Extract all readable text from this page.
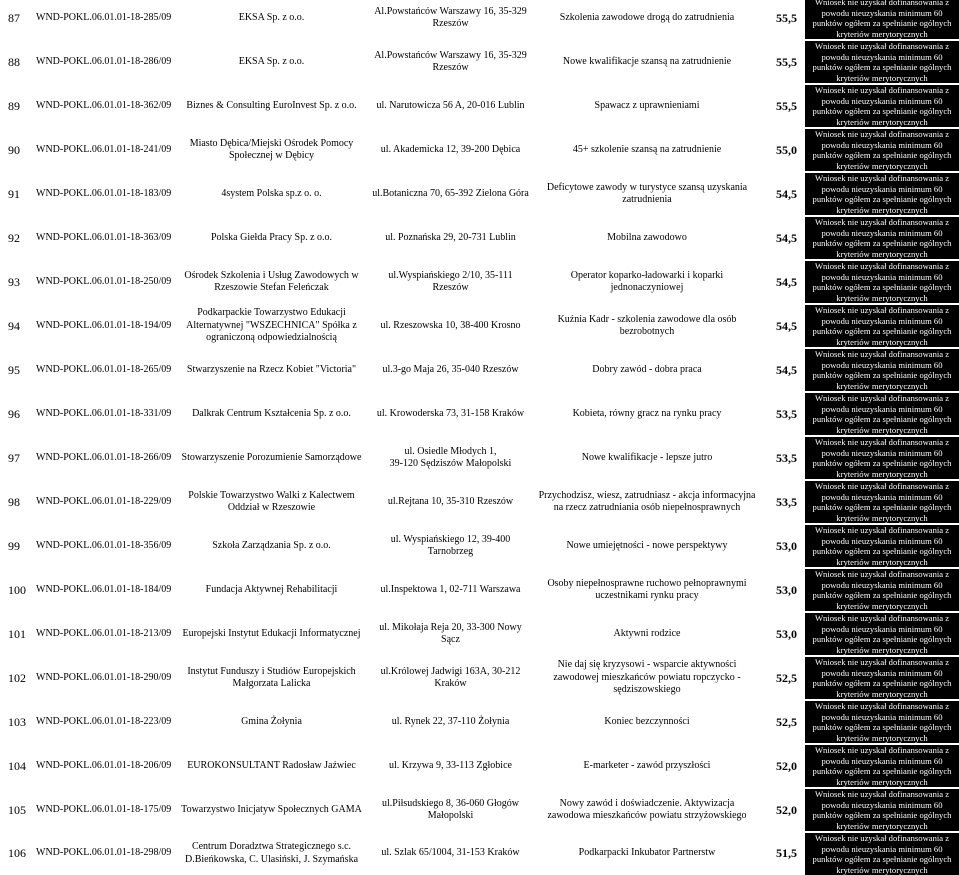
87	WND-POKL.06.01.01-18-285/09	EKSA Sp. z o.o.	Al.Powstańców Warszawy 16, 35-329
Rzeszów	Szkolenia zawodowe drogą do zatrudnienia	55,5	Wniosek nie uzyskał dofinansowania z powodu nieuzyskania minimum 60 punktów ogółem za spełnianie ogólnych kryteriów merytorycznych
88	WND-POKL.06.01.01-18-286/09	EKSA Sp. z o.o.	Al.Powstańców Warszawy 16, 35-329
Rzeszów	Nowe kwalifikacje szansą na zatrudnienie	55,5	Wniosek nie uzyskał dofinansowania z powodu nieuzyskania minimum 60 punktów ogółem za spełnianie ogólnych kryteriów merytorycznych
89	WND-POKL.06.01.01-18-362/09	Biznes & Consulting EuroInvest Sp. z o.o.	ul. Narutowicza 56 A, 20-016 Lublin	Spawacz z uprawnieniami	55,5	Wniosek nie uzyskał dofinansowania z powodu nieuzyskania minimum 60 punktów ogółem za spełnianie ogólnych kryteriów merytorycznych
90	WND-POKL.06.01.01-18-241/09	Miasto Dębica/Miejski Ośrodek Pomocy
Społecznej w Dębicy	ul. Akademicka 12, 39-200 Dębica	45+ szkolenie szansą na zatrudnienie	55,0	Wniosek nie uzyskał dofinansowania z powodu nieuzyskania minimum 60 punktów ogółem za spełnianie ogólnych kryteriów merytorycznych
91	WND-POKL.06.01.01-18-183/09	4system Polska sp.z o. o.	ul.Botaniczna 70, 65-392 Zielona Góra	Deficytowe zawody w turystyce szansą uzyskania
zatrudnienia	54,5	Wniosek nie uzyskał dofinansowania z powodu nieuzyskania minimum 60 punktów ogółem za spełnianie ogólnych kryteriów merytorycznych
92	WND-POKL.06.01.01-18-363/09	Polska Giełda Pracy Sp. z o.o.	ul. Poznańska 29, 20-731 Lublin	Mobilna zawodowo	54,5	Wniosek nie uzyskał dofinansowania z powodu nieuzyskania minimum 60 punktów ogółem za spełnianie ogólnych kryteriów merytorycznych
93	WND-POKL.06.01.01-18-250/09	Ośrodek Szkolenia i Usług Zawodowych w
Rzeszowie Stefan Feleńczak	ul.Wyspiańskiego 2/10, 35-111 Rzeszów	Operator koparko-ładowarki i koparki
jednonaczyniowej	54,5	Wniosek nie uzyskał dofinansowania z powodu nieuzyskania minimum 60 punktów ogółem za spełnianie ogólnych kryteriów merytorycznych
94	WND-POKL.06.01.01-18-194/09	Podkarpackie Towarzystwo Edukacji
Alternatywnej "WSZECHNICA" Spółka z
ograniczoną odpowiedzialnością	ul. Rzeszowska 10, 38-400 Krosno	Kuźnia Kadr - szkolenia zawodowe dla osób
bezrobotnych	54,5	Wniosek nie uzyskał dofinansowania z powodu nieuzyskania minimum 60 punktów ogółem za spełnianie ogólnych kryteriów merytorycznych
95	WND-POKL.06.01.01-18-265/09	Stwarzyszenie na Rzecz Kobiet "Victoria"	ul.3-go Maja 26, 35-040 Rzeszów	Dobry zawód - dobra praca	54,5	Wniosek nie uzyskał dofinansowania z powodu nieuzyskania minimum 60 punktów ogółem za spełnianie ogólnych kryteriów merytorycznych
96	WND-POKL.06.01.01-18-331/09	Dalkrak Centrum Kształcenia Sp. z o.o.	ul. Krowoderska 73, 31-158 Kraków	Kobieta, równy gracz na rynku pracy	53,5	Wniosek nie uzyskał dofinansowania z powodu nieuzyskania minimum 60 punktów ogółem za spełnianie ogólnych kryteriów merytorycznych
97	WND-POKL.06.01.01-18-266/09	Stowarzyszenie Porozumienie Samorządowe	ul. Osiedle Młodych 1,
39-120 Sędziszów Małopolski	Nowe kwalifikacje - lepsze jutro	53,5	Wniosek nie uzyskał dofinansowania z powodu nieuzyskania minimum 60 punktów ogółem za spełnianie ogólnych kryteriów merytorycznych
98	WND-POKL.06.01.01-18-229/09	Polskie Towarzystwo Walki z Kalectwem
Oddział w Rzeszowie	ul.Rejtana 10, 35-310 Rzeszów	Przychodzisz, wiesz, zatrudniasz - akcja informacyjna
na rzecz zatrudniania osób niepełnosprawnych	53,5	Wniosek nie uzyskał dofinansowania z powodu nieuzyskania minimum 60 punktów ogółem za spełnianie ogólnych kryteriów merytorycznych
99	WND-POKL.06.01.01-18-356/09	Szkoła Zarządzania Sp. z o.o.	ul. Wyspiańskiego 12, 39-400 Tarnobrzeg	Nowe umiejętności - nowe perspektywy	53,0	Wniosek nie uzyskał dofinansowania z powodu nieuzyskania minimum 60 punktów ogółem za spełnianie ogólnych kryteriów merytorycznych
100	WND-POKL.06.01.01-18-184/09	Fundacja Aktywnej Rehabilitacji	ul.Inspektowa 1, 02-711 Warszawa	Osoby niepełnosprawne ruchowo pełnoprawnymi
uczestnikami rynku pracy	53,0	Wniosek nie uzyskał dofinansowania z powodu nieuzyskania minimum 60 punktów ogółem za spełnianie ogólnych kryteriów merytorycznych
101	WND-POKL.06.01.01-18-213/09	Europejski Instytut Edukacji Informatycznej	ul. Mikołaja Reja 20, 33-300 Nowy Sącz	Aktywni rodzice	53,0	Wniosek nie uzyskał dofinansowania z powodu nieuzyskania minimum 60 punktów ogółem za spełnianie ogólnych kryteriów merytorycznych
102	WND-POKL.06.01.01-18-290/09	Instytut Funduszy i Studiów Europejskich
Małgorzata Lalicka	ul.Królowej Jadwigi 163A, 30-212 Kraków	Nie daj się kryzysowi - wsparcie aktywności
zawodowej mieszkańców powiatu ropczycko -
sędziszowskiego	52,5	Wniosek nie uzyskał dofinansowania z powodu nieuzyskania minimum 60 punktów ogółem za spełnianie ogólnych kryteriów merytorycznych
103	WND-POKL.06.01.01-18-223/09	Gmina Żołynia	ul. Rynek 22, 37-110 Żołynia	Koniec bezczynności	52,5	Wniosek nie uzyskał dofinansowania z powodu nieuzyskania minimum 60 punktów ogółem za spełnianie ogólnych kryteriów merytorycznych
104	WND-POKL.06.01.01-18-206/09	EUROKONSULTANT Radosław Jaźwiec	ul. Krzywa 9, 33-113 Zgłobice	E-marketer - zawód przyszłości	52,0	Wniosek nie uzyskał dofinansowania z powodu nieuzyskania minimum 60 punktów ogółem za spełnianie ogólnych kryteriów merytorycznych
105	WND-POKL.06.01.01-18-175/09	Towarzystwo Inicjatyw Społecznych GAMA	ul.Piłsudskiego 8, 36-060 Głogów Małopolski	Nowy zawód i doświadczenie. Aktywizacja
zawodowa mieszkańców powiatu strzyżowskiego	52,0	Wniosek nie uzyskał dofinansowania z powodu nieuzyskania minimum 60 punktów ogółem za spełnianie ogólnych kryteriów merytorycznych
106	WND-POKL.06.01.01-18-298/09	Centrum Doradztwa Strategicznego s.c.
D.Bieńkowska, C. Ulasiński, J. Szymańska	ul. Szlak 65/1004, 31-153 Kraków	Podkarpacki Inkubator Partnerstw	51,5	Wniosek nie uzyskał dofinansowania z powodu nieuzyskania minimum 60 punktów ogółem za spełnianie ogólnych kryteriów merytorycznych
